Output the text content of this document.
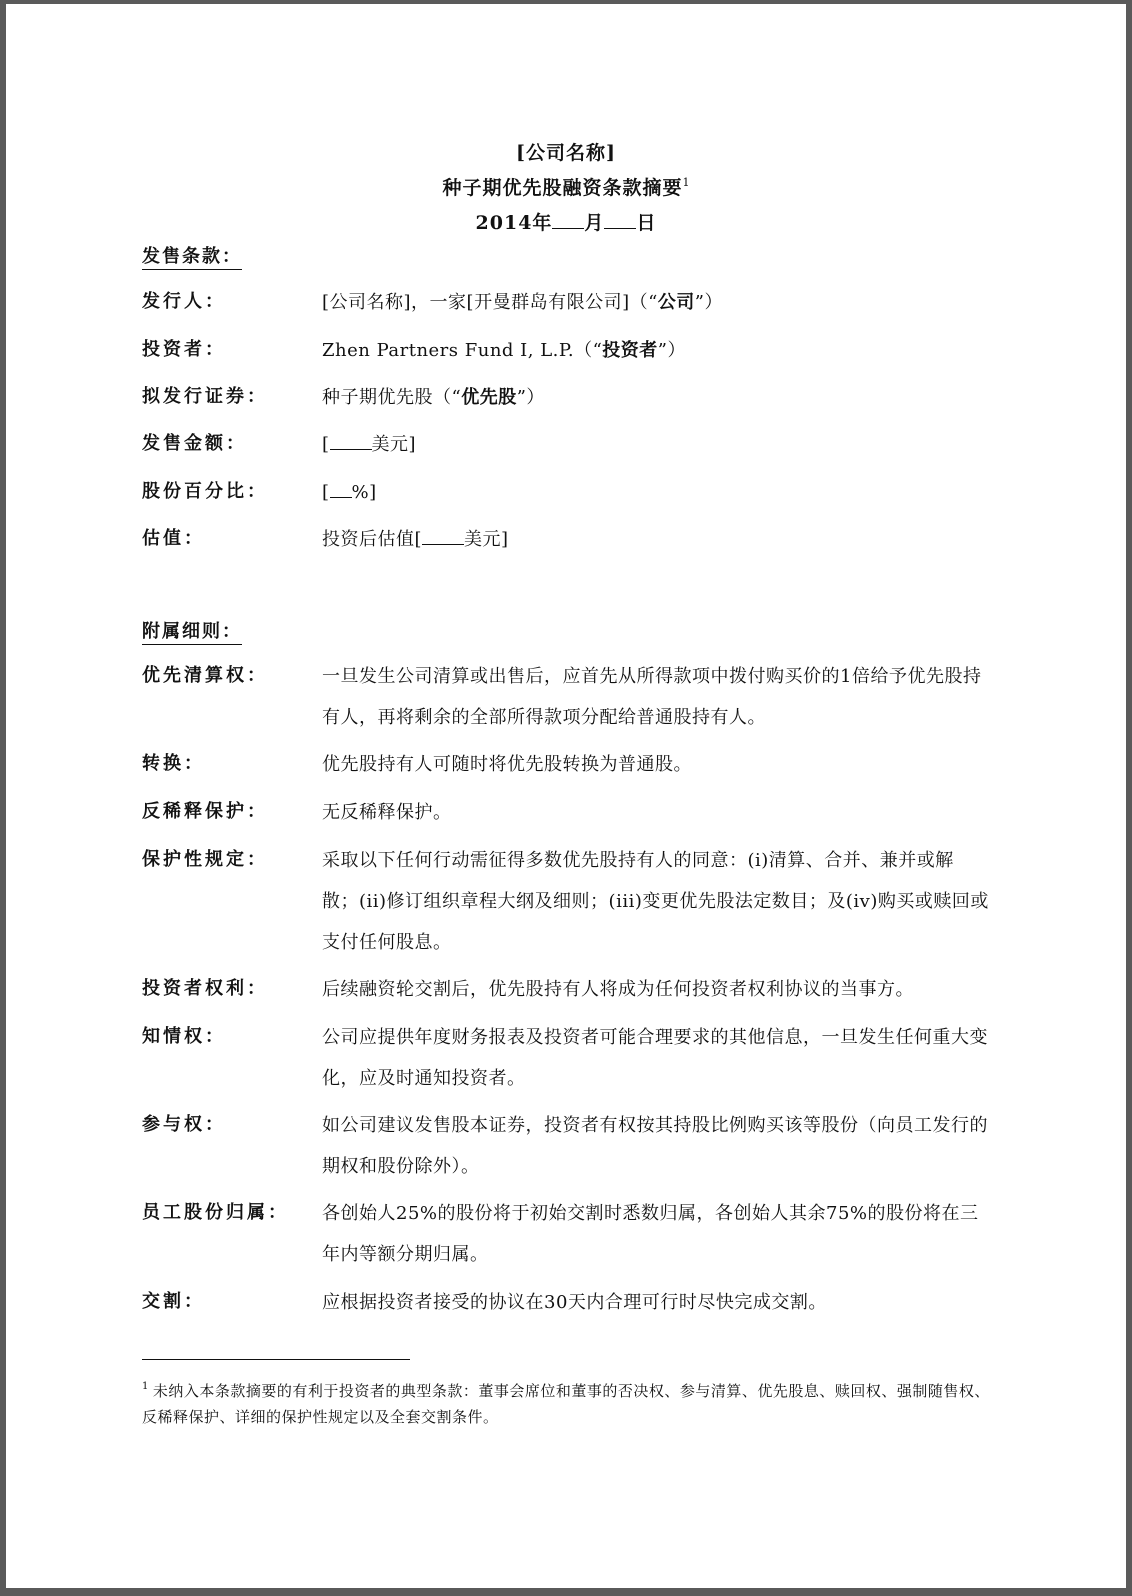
[公司名称]
种子期优先股融资条款摘要$^1$
2014年 月 日
发售条款：
发行人：	[公司名称]，一家[开曼群岛有限公司]（“公司”）
投资者：	Zhen Partners Fund I, L.P.（“投资者”）
拟发行证券：	种子期优先股（“优先股”）
发售金额：	[ 美元]
股份百分比：	[ %]
估值：	投资后估值[ 美元]
附属细则：
优先清算权：	一旦发生公司清算或出售后，应首先从所得款项中拨付购买价的1倍给予优先股持有人，再将剩余的全部所得款项分配给普通股持有人。
转换：	优先股持有人可随时将优先股转换为普通股。
反稀释保护：	无反稀释保护。
保护性规定：	采取以下任何行动需征得多数优先股持有人的同意：(i)清算、合并、兼并或解散；(ii)修订组织章程大纲及细则；(iii)变更优先股法定数目；及(iv)购买或赎回或支付任何股息。
投资者权利：	后续融资轮交割后，优先股持有人将成为任何投资者权利协议的当事方。
知情权：	公司应提供年度财务报表及投资者可能合理要求的其他信息，一旦发生任何重大变化，应及时通知投资者。
参与权：	如公司建议发售股本证券，投资者有权按其持股比例购买该等股份（向员工发行的期权和股份除外）。
员工股份归属：	各创始人25%的股份将于初始交割时悉数归属，各创始人其余75%的股份将在三年内等额分期归属。
交割：	应根据投资者接受的协议在30天内合理可行时尽快完成交割。
$^1$ 未纳入本条款摘要的有利于投资者的典型条款：董事会席位和董事的否决权、参与清算、优先股息、赎回权、强制随售权、反稀释保护、详细的保护性规定以及全套交割条件。
